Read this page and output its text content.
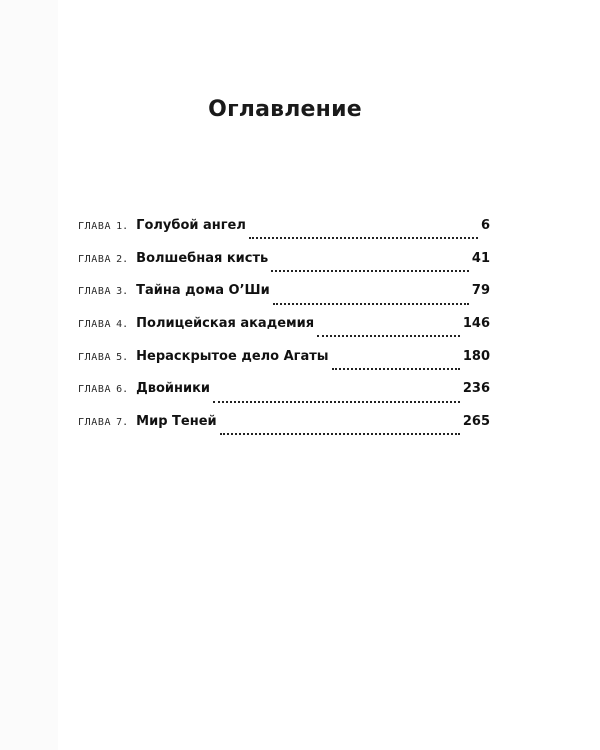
Оглавление
ГЛАВА 1. Голубой ангел	6
ГЛАВА 2. Волшебная кисть	41
ГЛАВА 3. Тайна дома О’Ши	79
ГЛАВА 4. Полицейская академия	146
ГЛАВА 5. Нераскрытое дело Агаты	180
ГЛАВА 6. Двойники	236
ГЛАВА 7. Мир Теней	265
